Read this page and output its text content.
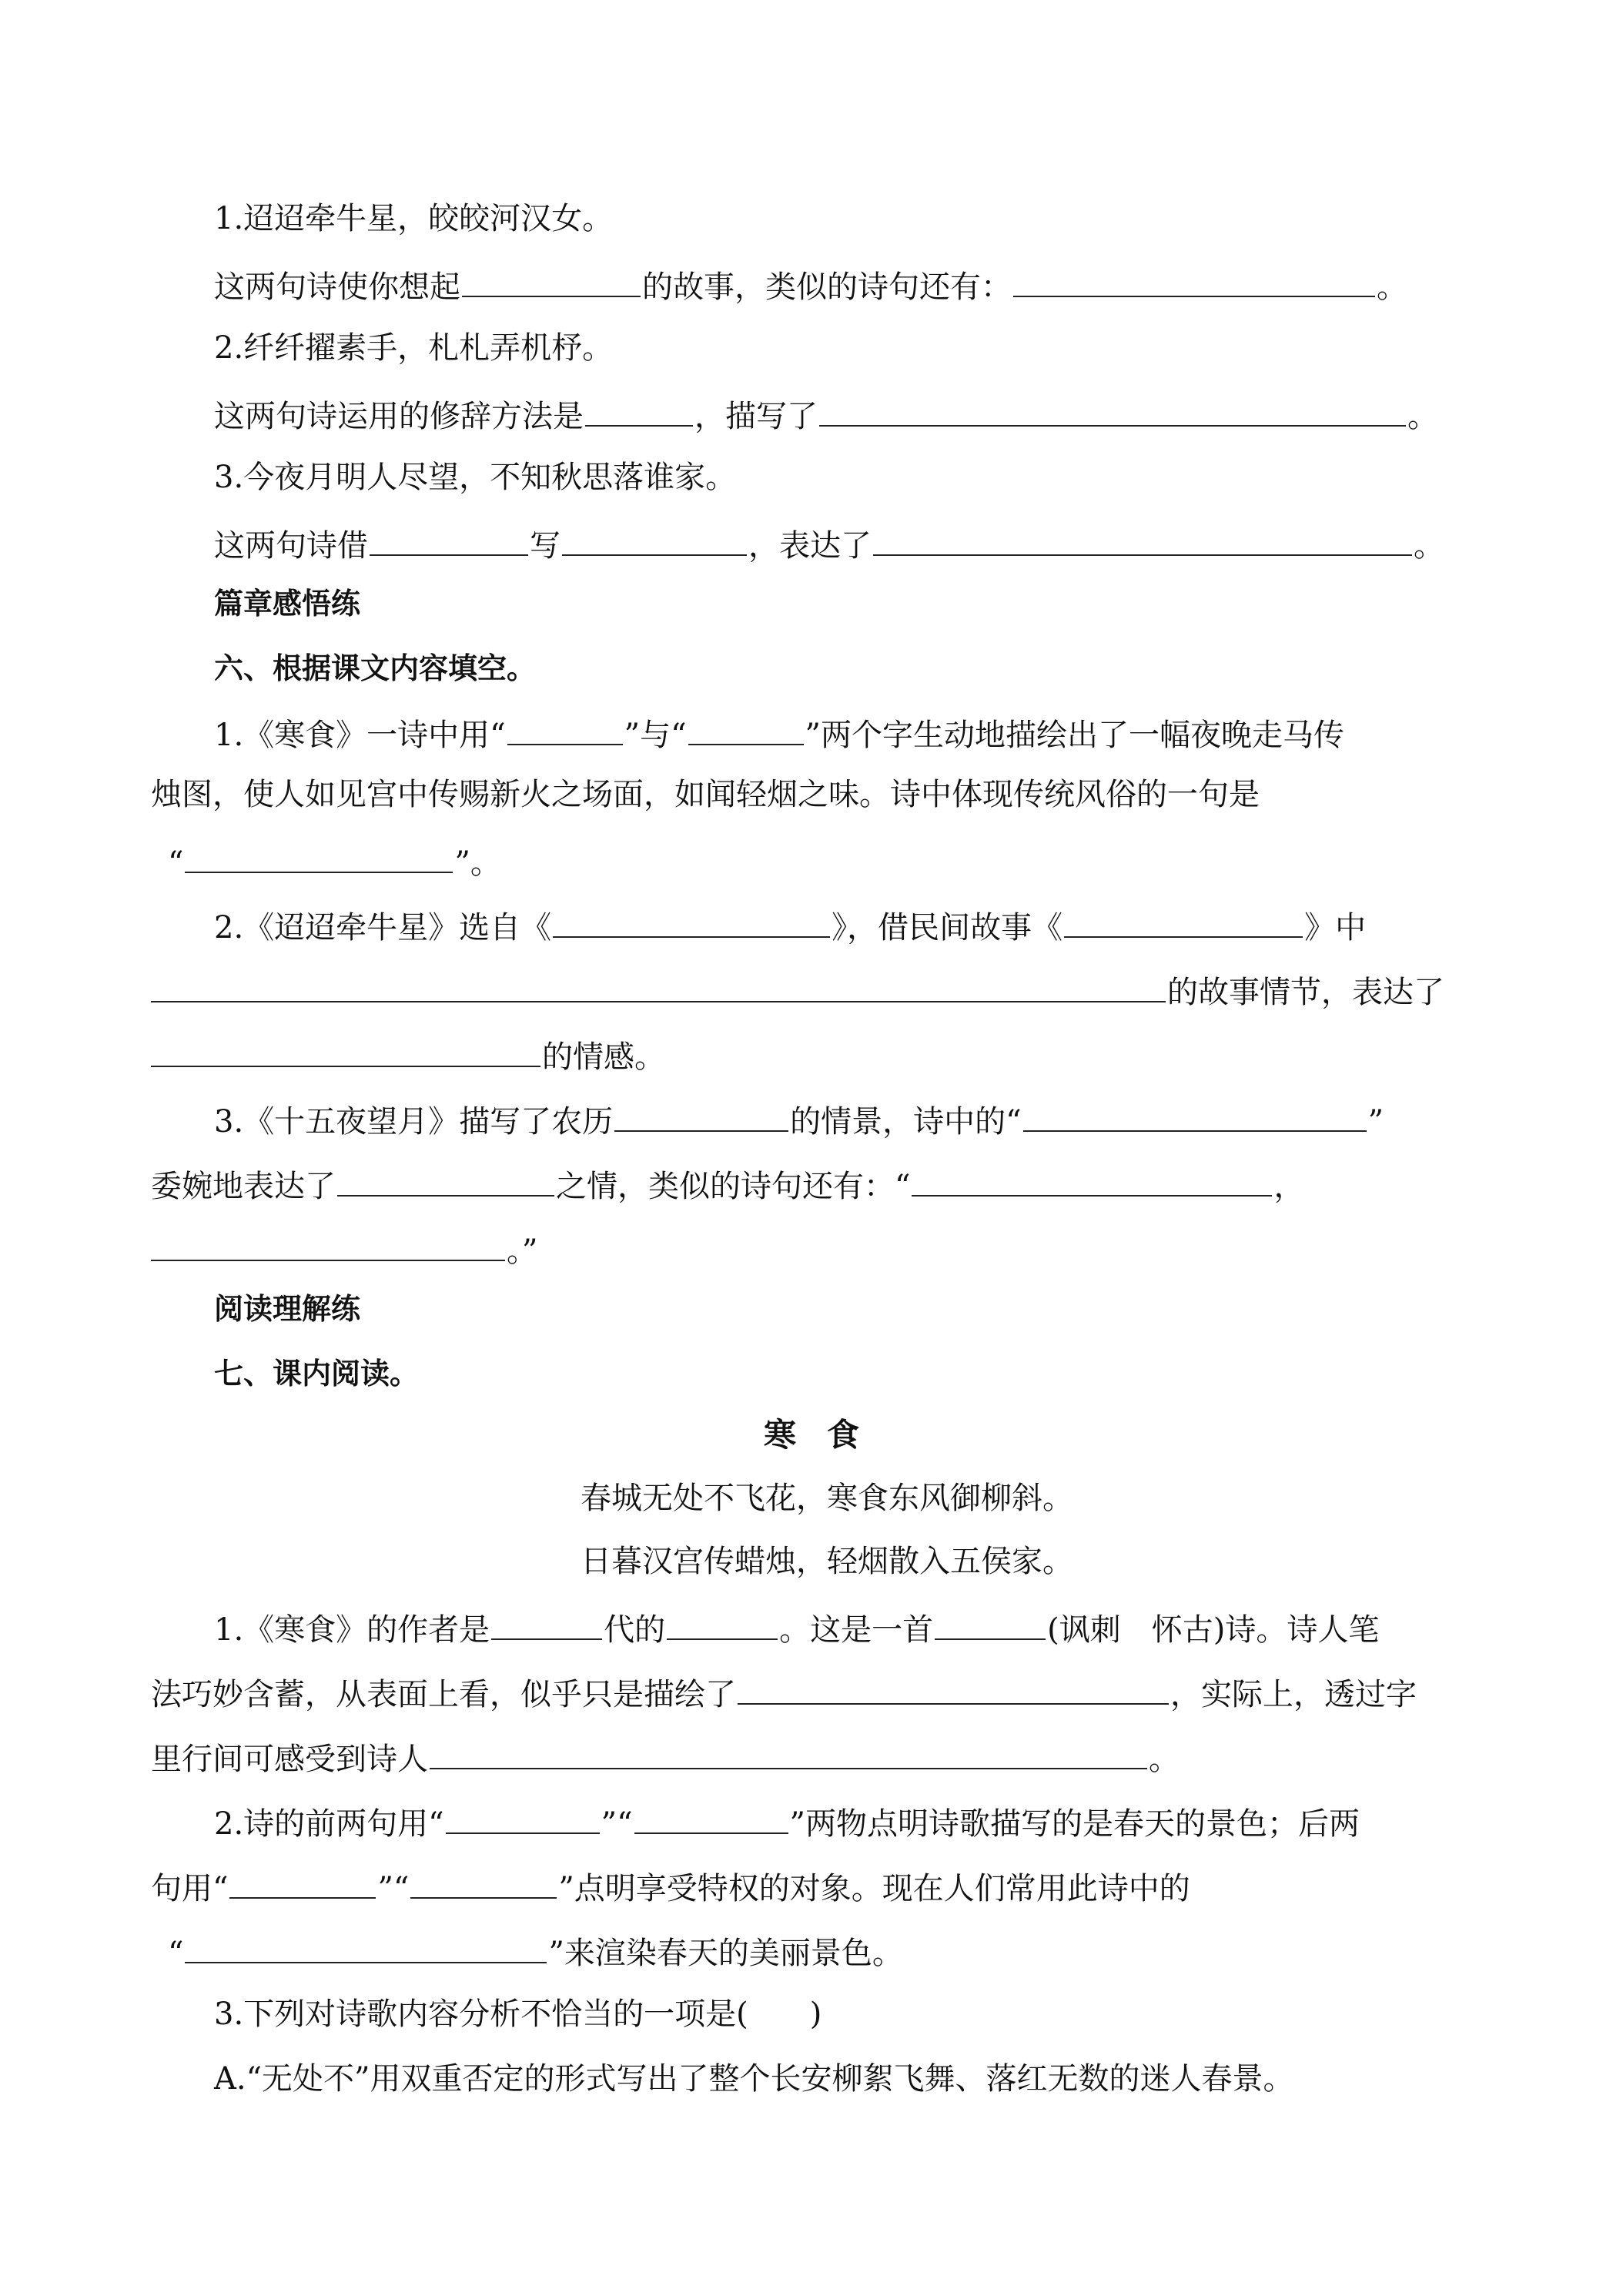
1.迢迢牵牛星，皎皎河汉女。
这两句诗使你想起	的故事，类似的诗句还有：	。
2.纤纤擢素手，札札弄机杼。
这两句诗运用的修辞方法是	，描写了	。
3.今夜月明人尽望，不知秋思落谁家。
这两句诗借	写	，表达了	。
篇章感悟练
六、根据课文内容填空。
1.《寒食》一诗中用“	”与“	”两个字生动地描绘出了一幅夜晚走马传
烛图，使人如见宫中传赐新火之场面，如闻轻烟之味。诗中体现传统风俗的一句是
“	”。
2.《迢迢牵牛星》选自《	》，借民间故事《	》中
的故事情节，表达了
的情感。
3.《十五夜望月》描写了农历	的情景，诗中的“	”
委婉地表达了	之情，类似的诗句还有：“	，
。”
阅读理解练
七、课内阅读。
寒食
春城无处不飞花，寒食东风御柳斜。
日暮汉宫传蜡烛，轻烟散入五侯家。
1.《寒食》的作者是	代的	。这是一首	(讽刺　怀古)诗。诗人笔
法巧妙含蓄，从表面上看，似乎只是描绘了	，实际上，透过字
里行间可感受到诗人	。
2.诗的前两句用“	”“	”两物点明诗歌描写的是春天的景色；后两
句用“	”“	”点明享受特权的对象。现在人们常用此诗中的
“	”来渲染春天的美丽景色。
3.下列对诗歌内容分析不恰当的一项是(　　)
A.“无处不”用双重否定的形式写出了整个长安柳絮飞舞、落红无数的迷人春景。
